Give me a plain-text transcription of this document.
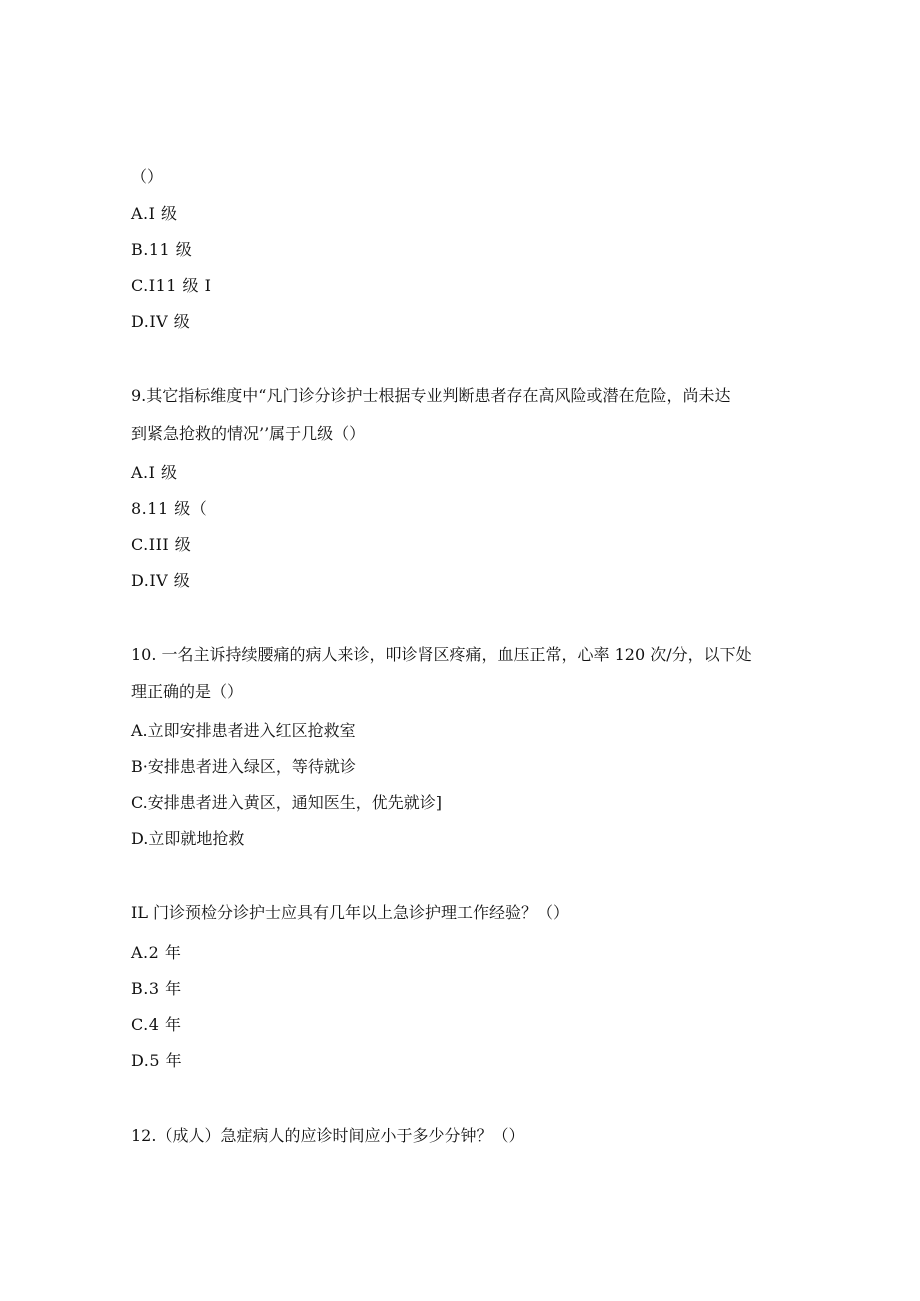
（）
A.I 级
B.11 级
C.I11 级 I
D.IV 级
9.其它指标维度中“凡门诊分诊护士根据专业判断患者存在高风险或潜在危险，尚未达
到紧急抢救的情况’’属于几级（）
A.I 级
8.11 级（
C.III 级
D.IV 级
10. 一名主诉持续腰痛的病人来诊，叩诊肾区疼痛，血压正常，心率 120 次/分，以下处
理正确的是（）
A.立即安排患者进入红区抢救室
B·安排患者进入绿区，等待就诊
C.安排患者进入黄区，通知医生，优先就诊]
D.立即就地抢救
IL 门诊预检分诊护士应具有几年以上急诊护理工作经验？（）
A.2 年
B.3 年
C.4 年
D.5 年
12.（成人）急症病人的应诊时间应小于多少分钟？（）
